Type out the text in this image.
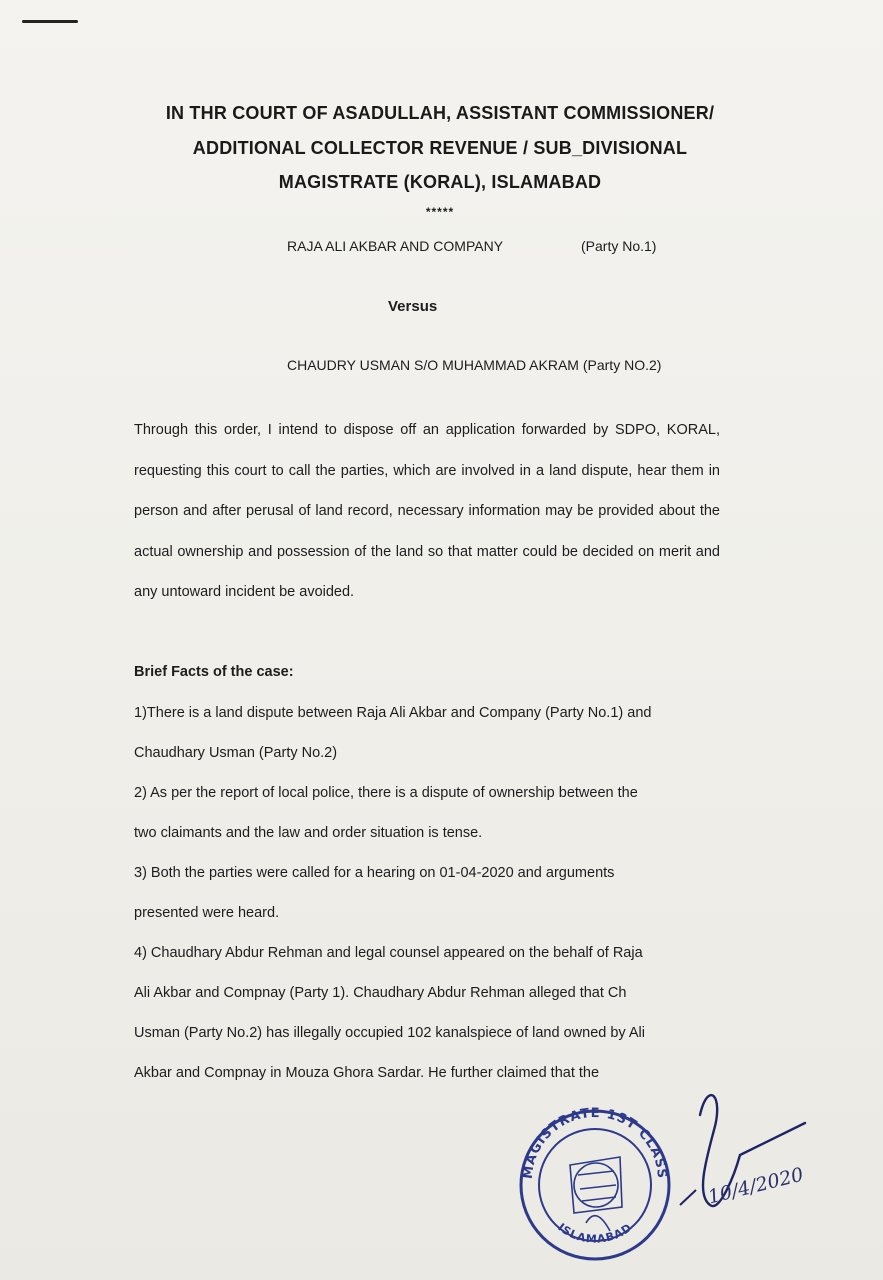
IN THR COURT OF ASADULLAH, ASSISTANT COMMISSIONER/
ADDITIONAL COLLECTOR REVENUE / SUB_DIVISIONAL
MAGISTRATE (KORAL), ISLAMABAD
*****
RAJA ALI AKBAR AND COMPANY	(Party No.1)
Versus
CHAUDRY USMAN S/O MUHAMMAD AKRAM (Party NO.2)
Through this order, I intend to dispose off an application forwarded by SDPO, KORAL, requesting this court to call the parties, which are involved in a land dispute, hear them in person and after perusal of land record, necessary information may be provided about the actual ownership and possession of the land so that matter could be decided on merit and any untoward incident be avoided.
Brief Facts of the case:
1)There is a land dispute between Raja Ali Akbar and Company (Party No.1) and
Chaudhary Usman (Party No.2)
2) As per the report of local police, there is a dispute of ownership between the
two claimants and the law and order situation is tense.
3) Both the parties were called for a hearing on 01-04-2020 and arguments
presented were heard.
4) Chaudhary Abdur Rehman and legal counsel appeared on the behalf of Raja
Ali Akbar and Compnay (Party 1). Chaudhary Abdur Rehman alleged that Ch
Usman (Party No.2) has illegally occupied 102 kanalspiece of land owned by Ali
Akbar and Compnay in Mouza Ghora Sardar. He further claimed that the
MAGISTRATE 1ST CLASS
ISLAMABAD
10/4/2020
